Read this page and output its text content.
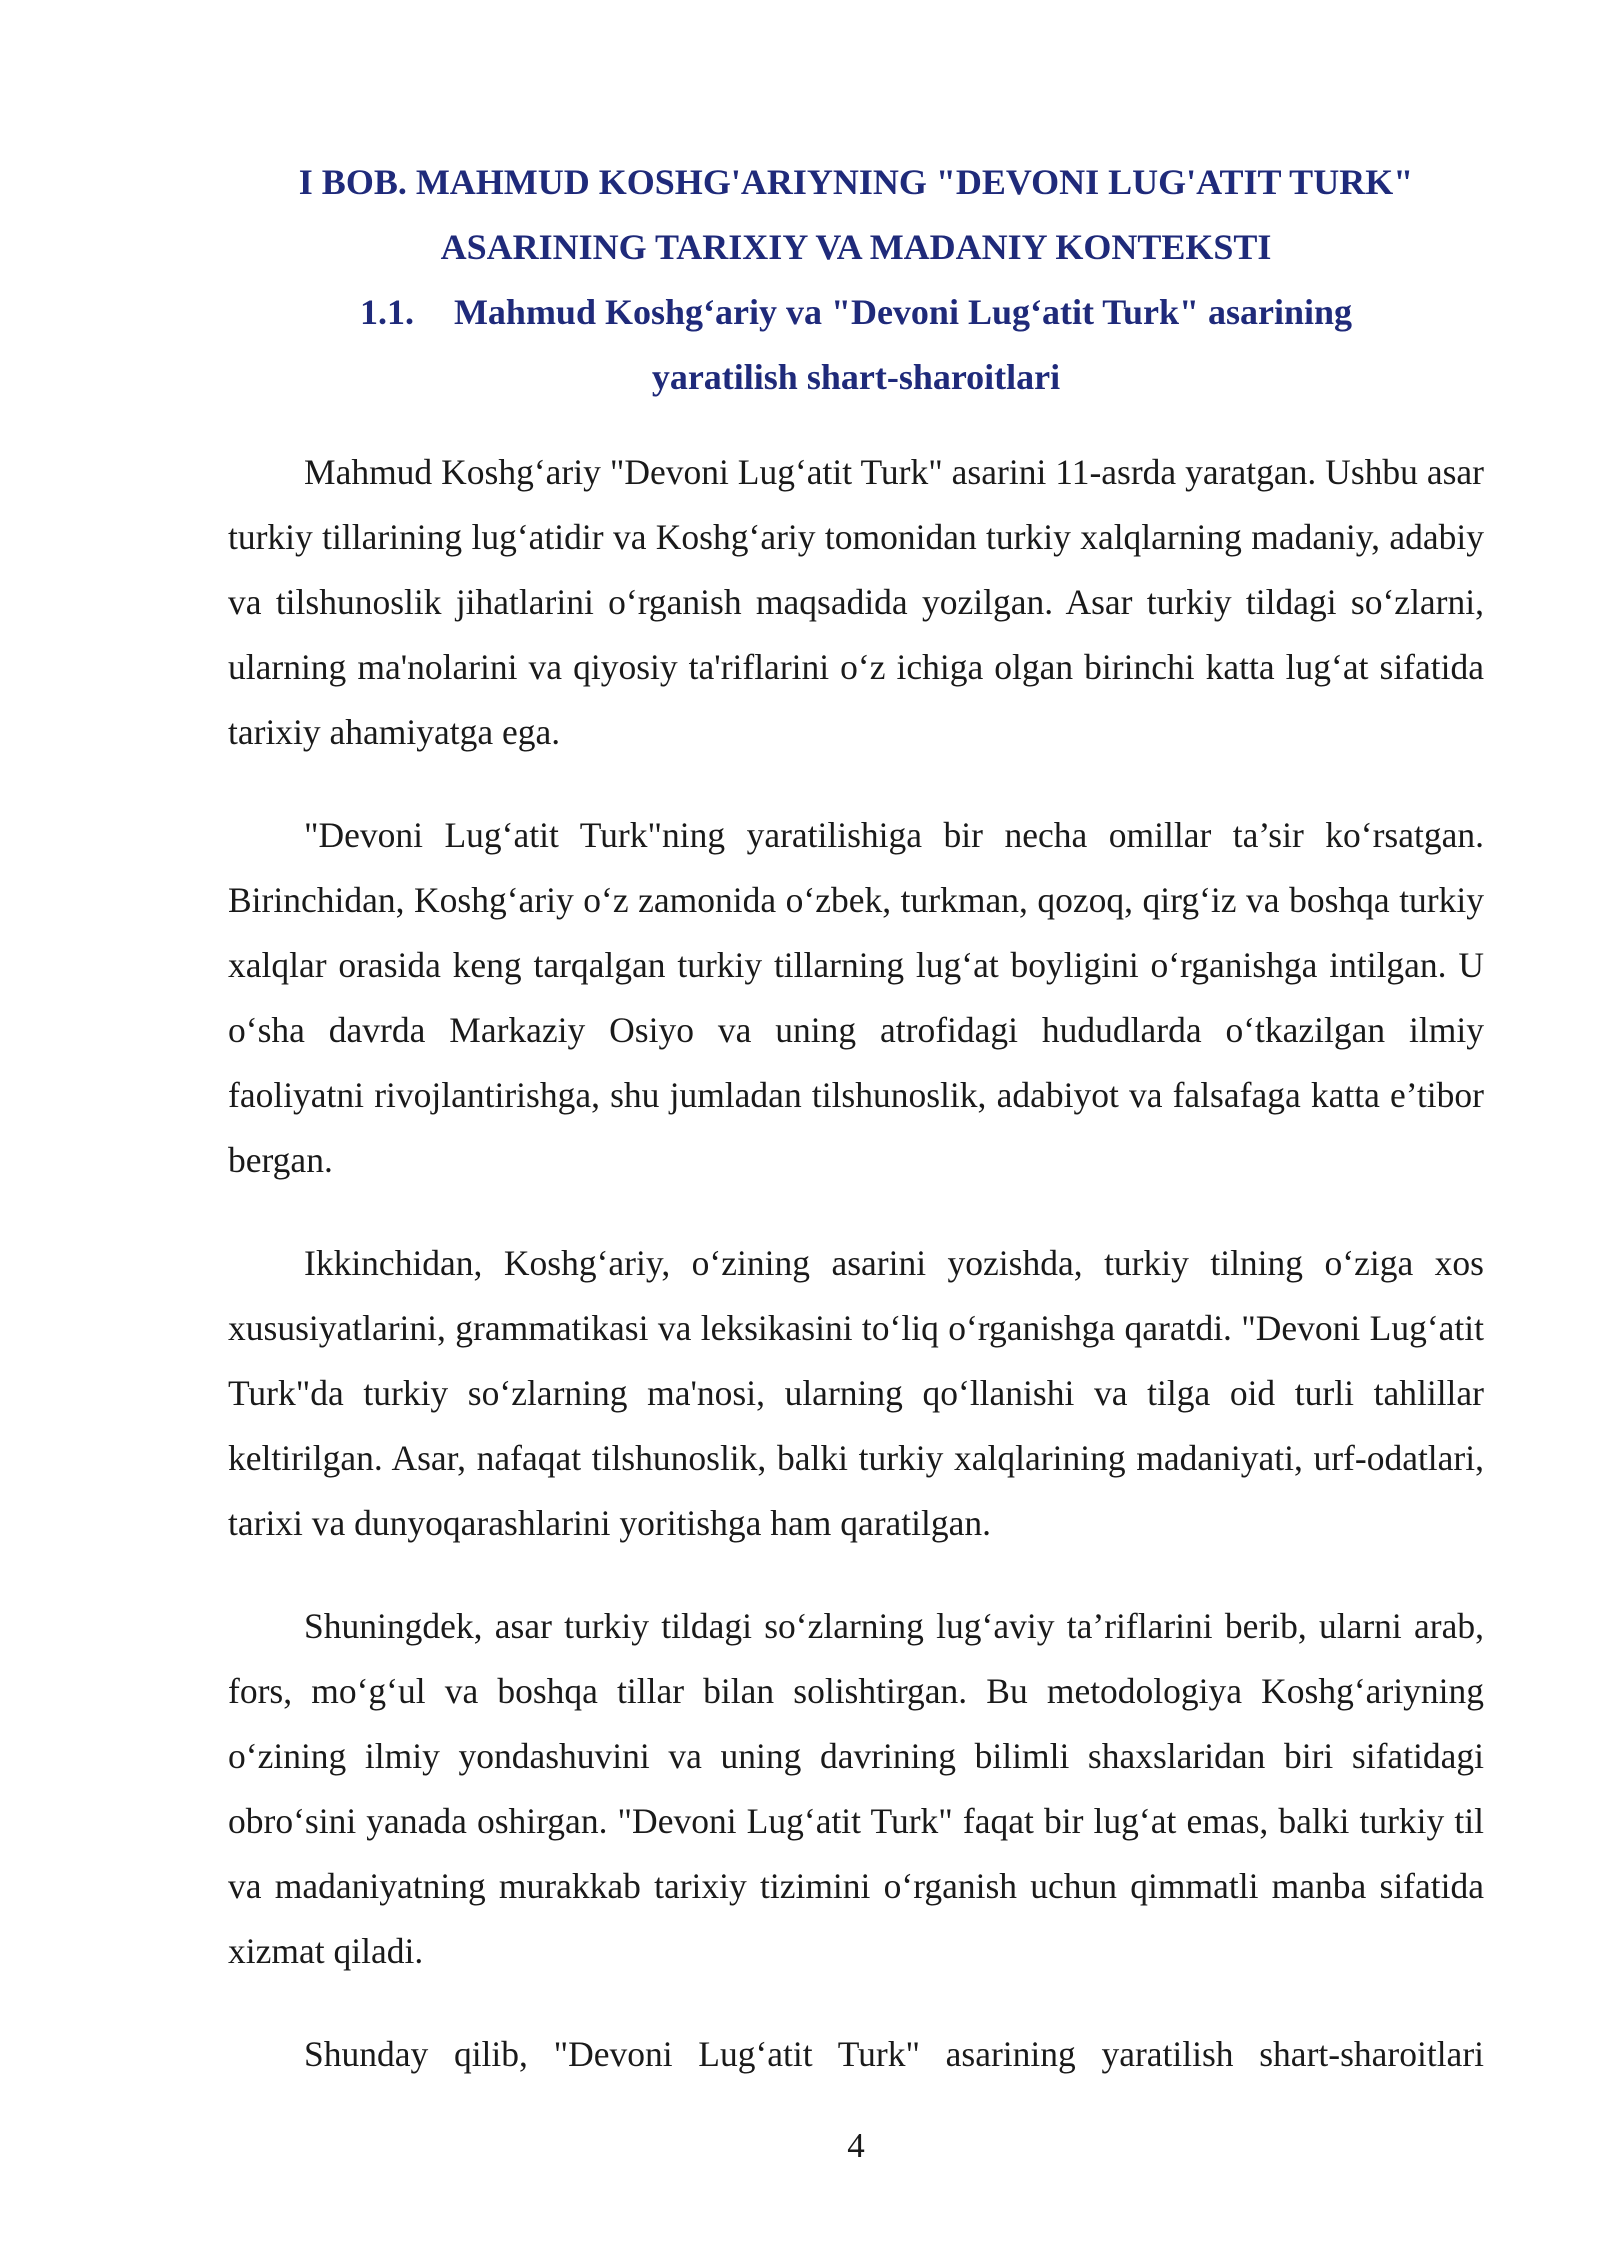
I BOB. MAHMUD KOSHG'ARIYNING "DEVONI LUG'ATIT TURK"
ASARINING TARIXIY VA MADANIY KONTEKSTI
1.1. Mahmud Koshg‘ariy va "Devoni Lug‘atit Turk" asarining
yaratilish shart-sharoitlari

Mahmud Koshg‘ariy "Devoni Lug‘atit Turk" asarini 11-asrda yaratgan. Ushbu asar turkiy tillarining lug‘atidir va Koshg‘ariy tomonidan turkiy xalqlarning madaniy, adabiy va tilshunoslik jihatlarini o‘rganish maqsadida yozilgan. Asar turkiy tildagi so‘zlarni, ularning ma'nolarini va qiyosiy ta'riflarini o‘z ichiga olgan birinchi katta lug‘at sifatida tarixiy ahamiyatga ega.

"Devoni Lug‘atit Turk"ning yaratilishiga bir necha omillar ta’sir ko‘rsatgan. Birinchidan, Koshg‘ariy o‘z zamonida o‘zbek, turkman, qozoq, qirg‘iz va boshqa turkiy xalqlar orasida keng tarqalgan turkiy tillarning lug‘at boyligini o‘rganishga intilgan. U o‘sha davrda Markaziy Osiyo va uning atrofidagi hududlarda o‘tkazilgan ilmiy faoliyatni rivojlantirishga, shu jumladan tilshunoslik, adabiyot va falsafaga katta e’tibor bergan.

Ikkinchidan, Koshg‘ariy, o‘zining asarini yozishda, turkiy tilning o‘ziga xos xususiyatlarini, grammatikasi va leksikasini to‘liq o‘rganishga qaratdi. "Devoni Lug‘atit Turk"da turkiy so‘zlarning ma'nosi, ularning qo‘llanishi va tilga oid turli tahlillar keltirilgan. Asar, nafaqat tilshunoslik, balki turkiy xalqlarining madaniyati, urf-odatlari, tarixi va dunyoqarashlarini yoritishga ham qaratilgan.

Shuningdek, asar turkiy tildagi so‘zlarning lug‘aviy ta’riflarini berib, ularni arab, fors, mo‘g‘ul va boshqa tillar bilan solishtirgan. Bu metodologiya Koshg‘ariyning o‘zining ilmiy yondashuvini va uning davrining bilimli shaxslaridan biri sifatidagi obro‘sini yanada oshirgan. "Devoni Lug‘atit Turk" faqat bir lug‘at emas, balki turkiy til va madaniyatning murakkab tarixiy tizimini o‘rganish uchun qimmatli manba sifatida xizmat qiladi.

Shunday qilib, "Devoni Lug‘atit Turk" asarining yaratilish shart-sharoitlari

4
